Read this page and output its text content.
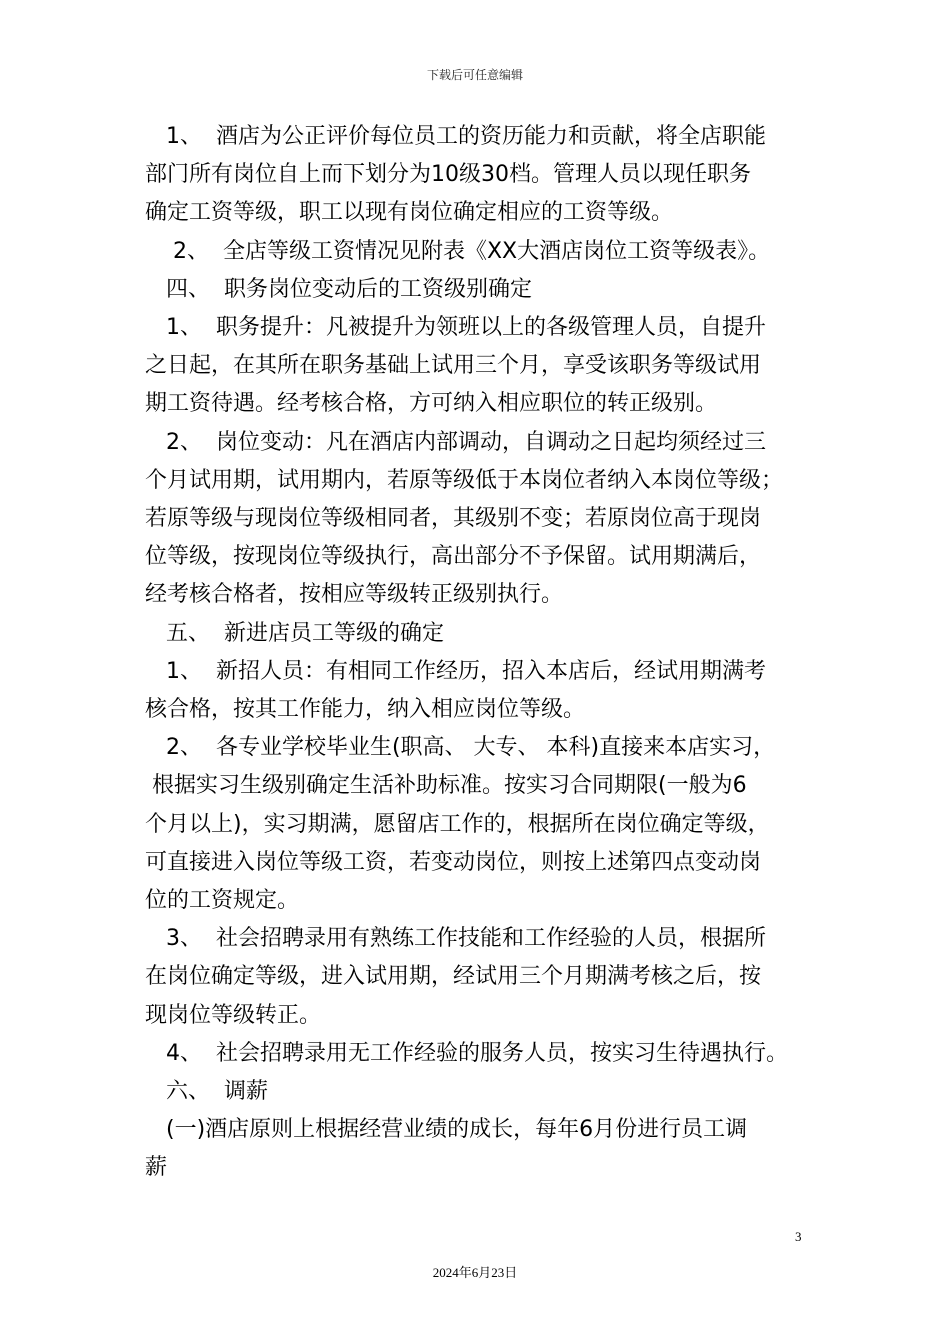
下载后可任意编辑

1、  酒店为公正评价每位员工的资历能力和贡献，将全店职能

部门所有岗位自上而下划分为10级30档。管理人员以现任职务

确定工资等级，职工以现有岗位确定相应的工资等级。

2、  全店等级工资情况见附表《XX大酒店岗位工资等级表》。

四、  职务岗位变动后的工资级别确定

1、  职务提升：凡被提升为领班以上的各级管理人员，自提升

之日起，在其所在职务基础上试用三个月，享受该职务等级试用

期工资待遇。经考核合格，方可纳入相应职位的转正级别。

2、  岗位变动：凡在酒店内部调动，自调动之日起均须经过三

个月试用期，试用期内，若原等级低于本岗位者纳入本岗位等级；

若原等级与现岗位等级相同者，其级别不变；若原岗位高于现岗

位等级，按现岗位等级执行，高出部分不予保留。试用期满后，

经考核合格者，按相应等级转正级别执行。

五、  新进店员工等级的确定

1、  新招人员：有相同工作经历，招入本店后，经试用期满考

核合格，按其工作能力，纳入相应岗位等级。

2、  各专业学校毕业生(职高、 大专、 本科)直接来本店实习，

根据实习生级别确定生活补助标准。按实习合同期限(一般为6

个月以上)，实习期满，愿留店工作的，根据所在岗位确定等级，

可直接进入岗位等级工资，若变动岗位，则按上述第四点变动岗

位的工资规定。

3、  社会招聘录用有熟练工作技能和工作经验的人员，根据所

在岗位确定等级，进入试用期，经试用三个月期满考核之后，按

现岗位等级转正。

4、  社会招聘录用无工作经验的服务人员，按实习生待遇执行。

六、  调薪

(一)酒店原则上根据经营业绩的成长，每年6月份进行员工调

薪

3
2024年6月23日
